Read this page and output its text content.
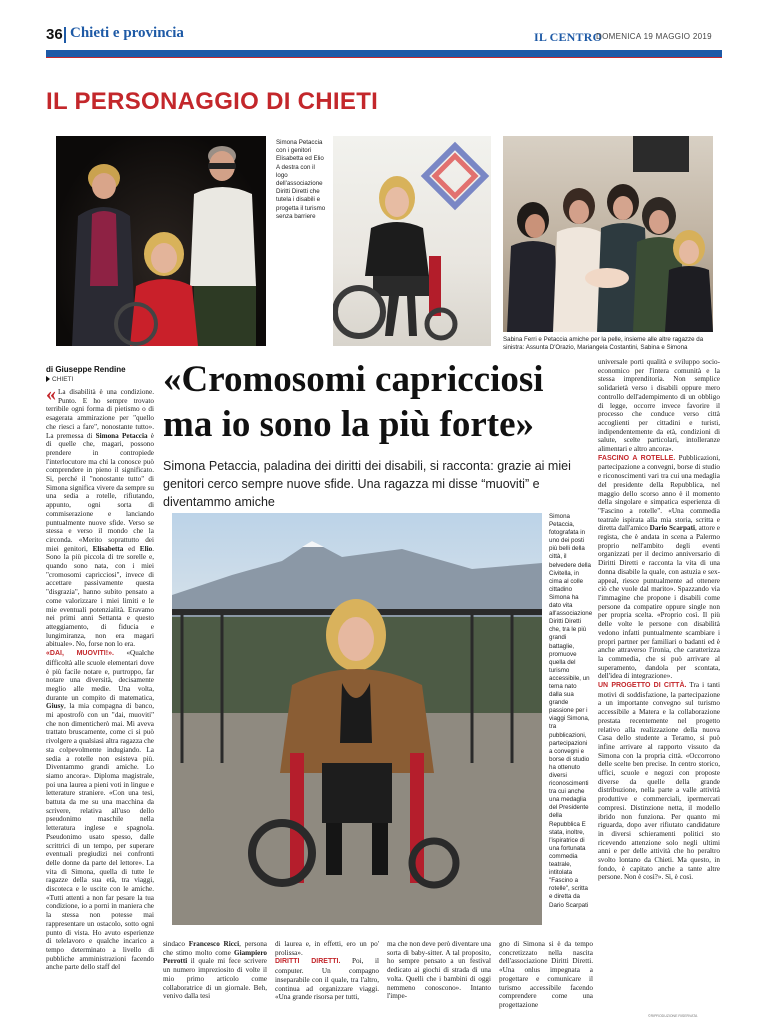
36 Chieti e provincia	IL CENTRO
DOMENICA 19 MAGGIO 2019
IL PERSONAGGIO DI CHIETI
Simona Petaccia con i genitori Elisabetta ed Elio A destra con il logo dell'associazione Diritti Diretti che tutela i disabili e progetta il turismo senza barriere
Sabina Ferri e Petaccia amiche per la pelle, insieme alle altre ragazze da sinistra: Assunta D'Orazio, Mariangela Costantini, Sabina e Simona
di Giuseppe Rendine
CHIETI «Cromosomi capricciosi ma io sono la più forte»
Simona Petaccia, paladina dei diritti dei disabili, si racconta: grazie ai miei genitori cerco sempre nuove sfide. Una ragazza mi disse “muoviti” e diventammo amiche
Simona Petaccia, fotografata in uno dei posti più belli della città, il belvedere della Civitella, in cima al colle cittadino Simona ha dato vita all'associazione Diritti Diretti che, tra le più grandi battaglie, promuove quella del turismo accessibile, un tema nato dalla sua grande passione per i viaggi Simona, tra pubblicazioni, partecipazioni a convegni e borse di studio ha ottenuto diversi riconoscimenti tra cui anche una medaglia del Presidente della Repubblica E stata, inoltre, l'ispiratrice di una fortunata commedia teatrale, intitolata "Fascino a rotelle", scritta e diretta da Dario Scarpati
« La disabilità è una condizione. Punto. E ho sempre trovato terribile ogni forma di pietismo o di esagerata ammirazione per "quello che riesci a fare", nonostante tutto». La premessa di Simona Petaccia è di quelle che, magari, possono prendere in contropiede l'interlocutore ma chi la conosce può comprendere in pieno il significato. Si, perché il "nonostante tutto" di Simona significa vivere da sempre su una sedia a rotelle, rifiutando, appunto, ogni sorta di commiserazione e lanciando puntualmente nuove sfide. Verso se stessa e verso il mondo che la circonda. «Merito soprattutto dei miei genitori, Elisabetta ed Elio. Sono la più piccola di tre sorelle e, quando sono nata, con i miei "cromosomi capricciosi", invece di accettare passivamente questa "disgrazia", hanno subito pensato a come valorizzare i miei limiti e le mie eventuali potenzialità. Eravamo nei primi anni Settanta e questo atteggiamento, di fiducia e lungimiranza, non era magari abituale». No, forse non lo era.
«DAI, MUOVITI!». «Qualche difficoltà alle scuole elementari dove è più facile notare e, purtroppo, far notare una diversità, decisamente meglio alle medie. Una volta, durante un compito di matematica, Giusy, la mia compagna di banco, mi apostrofò con un "dai, muoviti" che non dimenticherò mai. Mi aveva trattato bruscamente, come ci si può rivolgere a qualsiasi altra ragazza che sta colpevolmente indugiando. La sedia a rotelle non esisteva più. Diventammo grandi amiche. Lo siamo ancora». Diploma magistrale, poi una laurea a pieni voti in lingue e letterature straniere. «Con una tesi, battuta da me su una macchina da scrivere, relativa all'uso dello pseudonimo maschile nella letteratura inglese e spagnola. Pseudonimo usato spesso, dalle scrittrici di un tempo, per superare eventuali pregiudizi nei confronti delle donne da parte del lettore». La vita di Simona, quella di tutte le ragazze della sua età, tra viaggi, discoteca e le uscite con le amiche. «Tutti attenti a non far pesare la tua condizione, io a porni in maniera che la stessa non potesse mai rappresentare un ostacolo, sotto ogni punto di vista. Ho avuto esperienze di telelavoro e qualche incarico a tempo determinato a livello di pubbliche amministrazioni facendo anche parte dello staff del
sindaco Francesco Ricci, persona che stimo molto come Giampiero Perrotti il quale mi fece scrivere un numero impreziosito di volte il mio primo articolo come collaboratrice di un giornale. Beh, venivo dalla tesi
di laurea e, in effetti, ero un po' prolissa».
DIRITTI DIRETTI. Poi, il computer. Un compagno inseparabile con il quale, tra l'altro, continua ad organizzare viaggi. «Una grande risorsa per tutti,
ma che non deve però diventare una sorta di baby-sitter. A tal proposito, ho sempre pensato a un festival dedicato ai giochi di strada di una volta. Quelli che i bambini di oggi nemmeno conoscono». Intanto l'impe-
gno di Simona si è da tempo concretizzato nella nascita dell'associazione Diritti Diretti. «Una onlus impegnata a progettare e comunicare il turismo accessibile facendo comprendere come una progettazione
universale porti qualità e sviluppo socio-economico per l'intera comunità e la stessa imprenditoria. Non semplice solidarietà verso i disabili oppure mero controllo dell'adempimento di un obbligo di legge, occorre invece favorire il processo che conduce verso città accoglienti per cittadini e turisti, indipendentemente da età, condizioni di salute, scelte particolari, intolleranze alimentari e altro ancora».
FASCINO A ROTELLE. Pubblicazioni, partecipazione a convegni, borse di studio e riconoscimenti vari tra cui una medaglia del presidente della Repubblica, nel maggio dello scorso anno è il momento della singolare e simpatica esperienza di "Fascino a rotelle". «Una commedia teatrale ispirata alla mia storia, scritta e diretta dall'amico Dario Scarpati, attore e regista, che è andata in scena a Palermo proprio nell'ambito degli eventi organizzati per il decimo anniversario di Diritti Diretti e racconta la vita di una donna disabile la quale, con astuzia e sex-appeal, riesce puntualmente ad ottenere ciò che vuole dal marito». Spazzando via l'immagine che propone i disabili come persone da compatire oppure single non per propria scelta. «Proprio così. Il più delle volte le persone con disabilità vedono infatti puntualmente scambiare i propri partner per familiari o badanti ed è anche attraverso l'ironia, che caratterizza la commedia, che si può arrivare al superamento, dandola per scontata, dell'idea di integrazione».
UN PROGETTO DI CITTÀ. Tra i tanti motivi di soddisfazione, la partecipazione a un importante convegno sul turismo accessibile a Matera e la collaborazione prestata recentemente nel progetto relativo alla realizzazione della nuova Casa dello studente a Teramo, si può infine arrivare al rapporto vissuto da Simona con la propria città. «Occorrono delle scelte ben precise. In centro storico, uffici, scuole e negozi con proposte diverse da quelle della grande distribuzione, nella parte a valle attività produttive e commerciali, ipermercati compresi. Distinzione netta, il modello ibrido non funziona. Per quanto mi riguarda, dopo aver rifiutato candidature in diversi schieramenti politici sto ricevendo attenzione solo negli ultimi anni e per delle attività che ho peraltro svolto lontano da Chieti. Ma questo, in fondo, è capitato anche a tante altre persone. Non è così?». Sì, è così.
©RIPRODUZIONE RISERVATA
